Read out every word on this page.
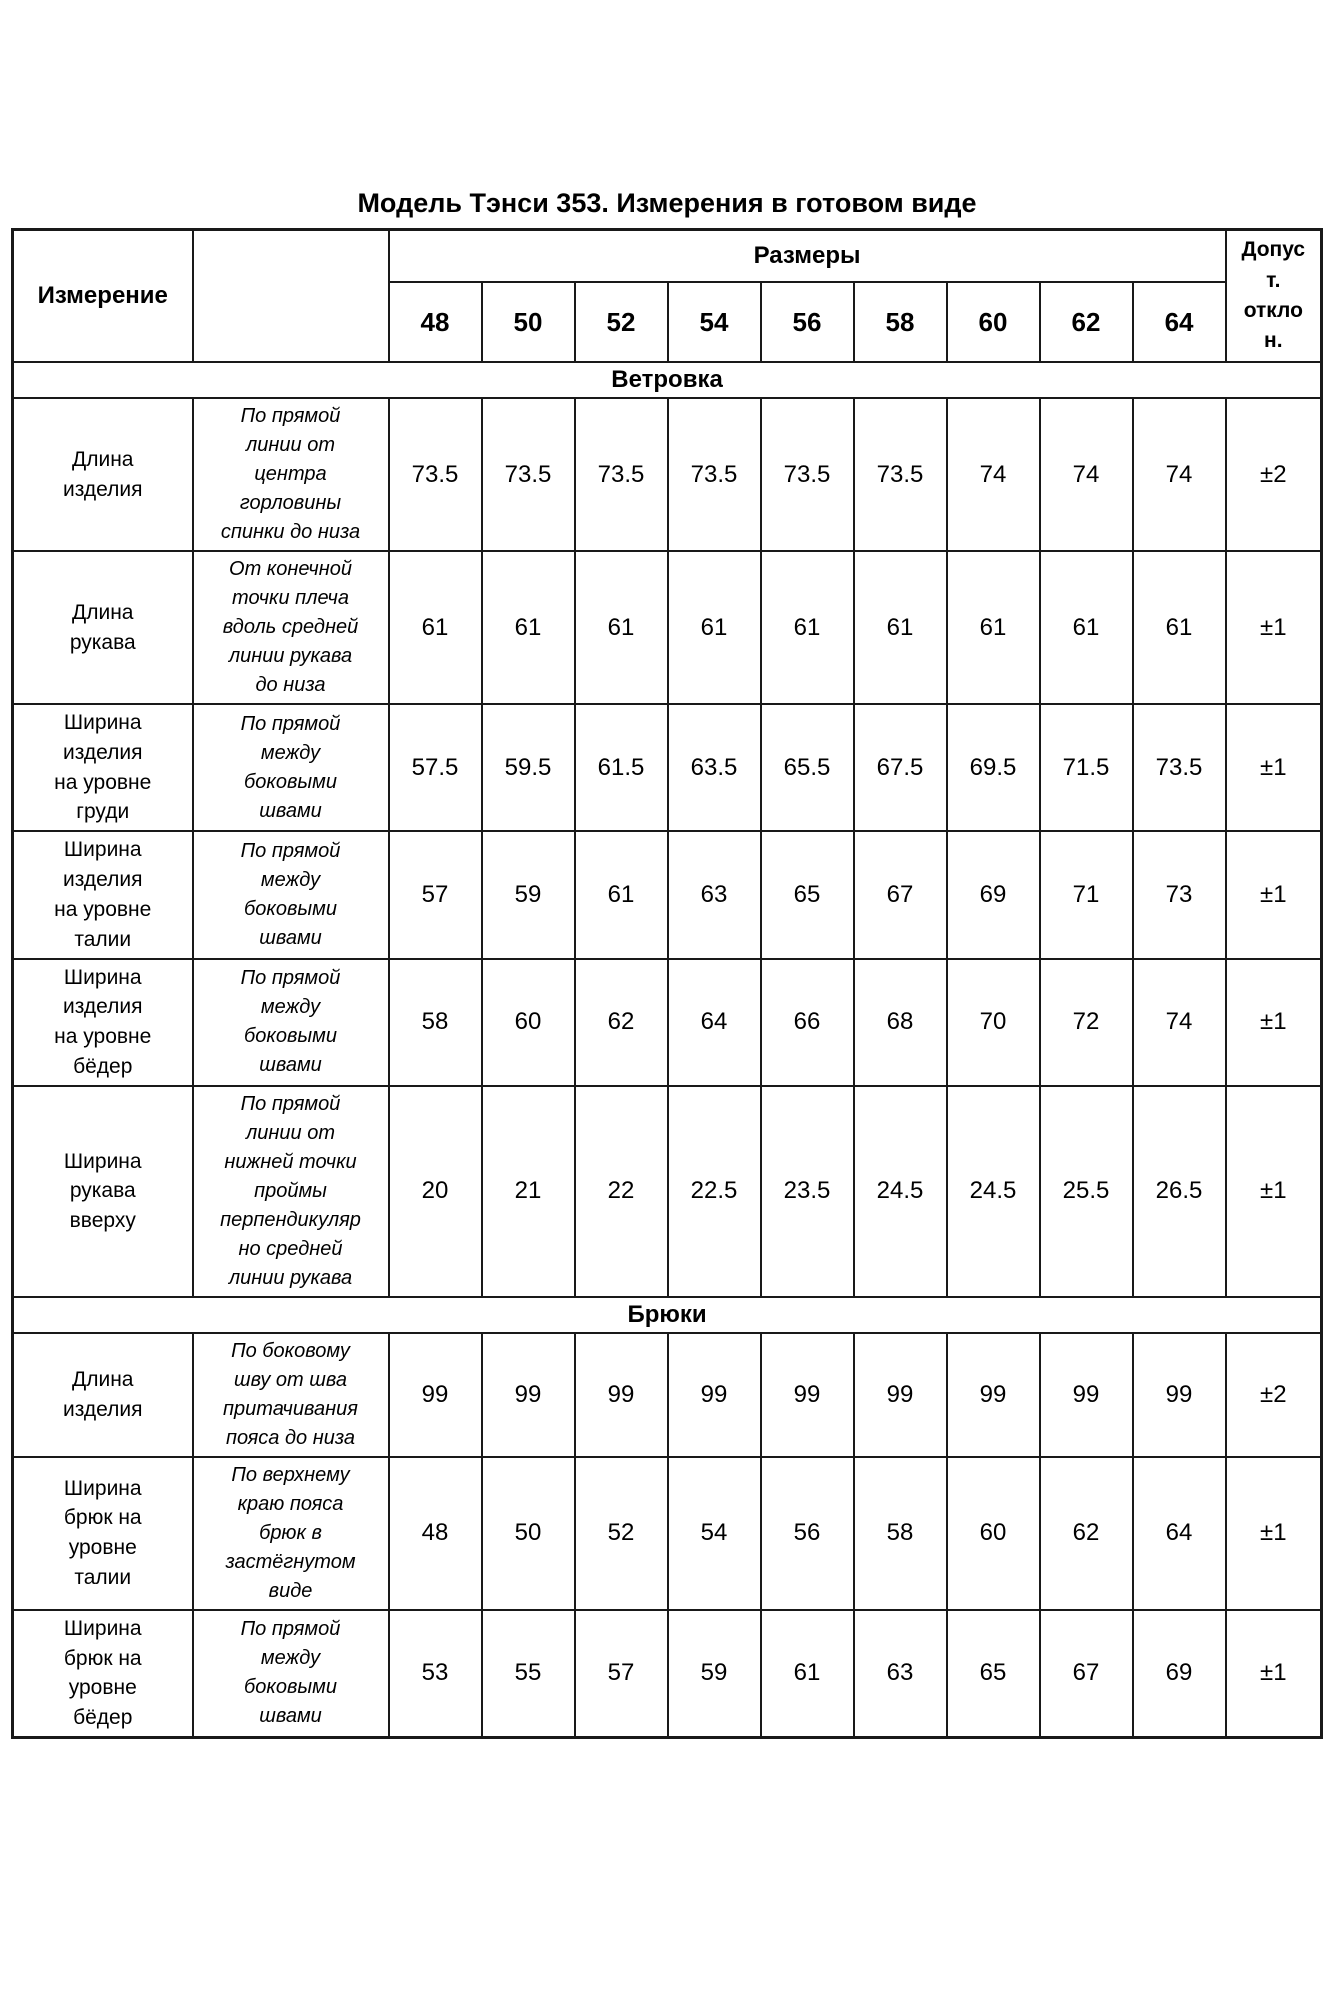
Модель Тэнси 353. Измерения в готовом виде
Измерение		Размеры									Допуст. отклон.
		48	50	52	54	56	58	60	62	64	
Ветровка											
Длина изделия	По прямой линии от центра горловины спинки до низа	73.5	73.5	73.5	73.5	73.5	73.5	74	74	74	±2
Длина рукава	От конечной точки плеча вдоль средней линии рукава до низа	61	61	61	61	61	61	61	61	61	±1
Ширина изделия на уровне груди	По прямой между боковыми швами	57.5	59.5	61.5	63.5	65.5	67.5	69.5	71.5	73.5	±1
Ширина изделия на уровне талии	По прямой между боковыми швами	57	59	61	63	65	67	69	71	73	±1
Ширина изделия на уровне бёдер	По прямой между боковыми швами	58	60	62	64	66	68	70	72	74	±1
Ширина рукава вверху	По прямой линии от нижней точки проймы перпендикулярно средней линии рукава	20	21	22	22.5	23.5	24.5	24.5	25.5	26.5	±1
Брюки											
Длина изделия	По боковому шву от шва притачивания пояса до низа	99	99	99	99	99	99	99	99	99	±2
Ширина брюк на уровне талии	По верхнему краю пояса брюк в застёгнутом виде	48	50	52	54	56	58	60	62	64	±1
Ширина брюк на уровне бёдер	По прямой между боковыми швами	53	55	57	59	61	63	65	67	69	±1
